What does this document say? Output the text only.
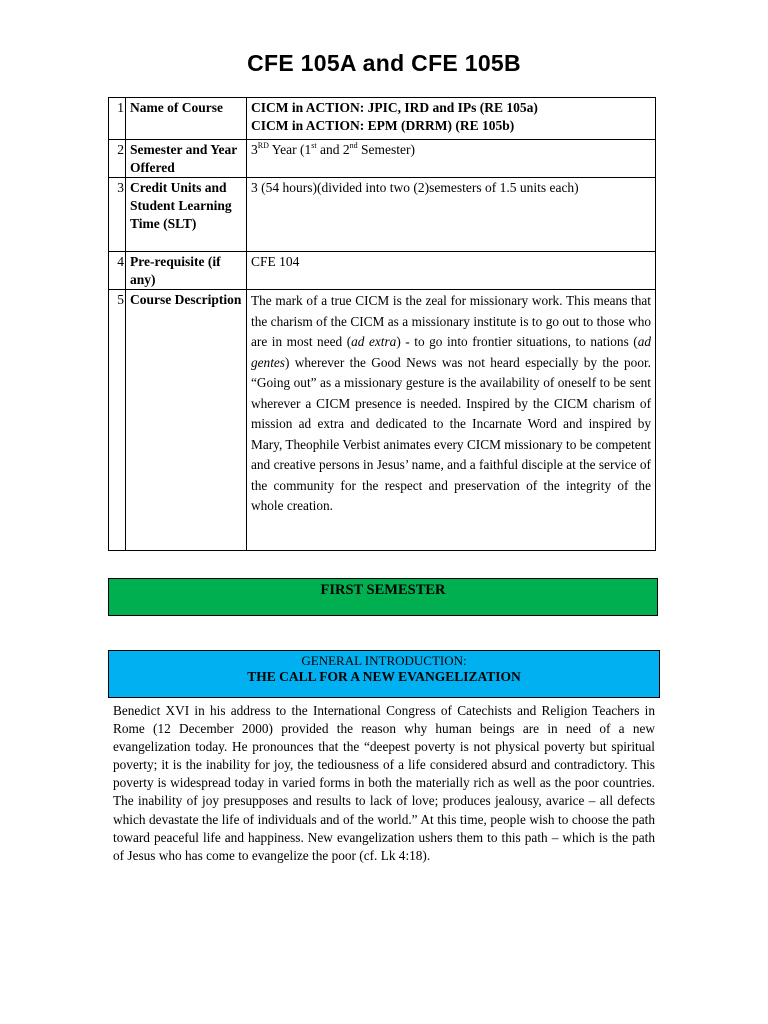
CFE 105A and CFE 105B
1	Name of Course	CICM in ACTION: JPIC, IRD and IPs (RE 105a)
CICM in ACTION: EPM (DRRM) (RE 105b)

2	Semester and Year Offered	3RD Year (1st and 2nd Semester)
3	Credit Units and Student Learning Time (SLT)	3 (54 hours)(divided into two (2)semesters of 1.5 units each)
4	Pre-requisite (if any)	CFE 104
5	Course Description	The mark of a true CICM is the zeal for missionary work. This means that the charism of the CICM as a missionary institute is to go out to those who are in most need (ad extra) - to go into frontier situations, to nations (ad gentes) wherever the Good News was not heard especially by the poor. “Going out” as a missionary gesture is the availability of oneself to be sent wherever a CICM presence is needed. Inspired by the CICM charism of mission ad extra and dedicated to the Incarnate Word and inspired by Mary, Theophile Verbist animates every CICM missionary to be competent and creative persons in Jesus’ name, and a faithful disciple at the service of the community for the respect and preservation of the integrity of the whole creation.
FIRST SEMESTER
GENERAL INTRODUCTION:
THE CALL FOR A NEW EVANGELIZATION
Benedict XVI in his address to the International Congress of Catechists and Religion Teachers in Rome (12 December 2000) provided the reason why human beings are in need of a new evangelization today. He pronounces that the “deepest poverty is not physical poverty but spiritual poverty; it is the inability for joy, the tediousness of a life considered absurd and contradictory. This poverty is widespread today in varied forms in both the materially rich as well as the poor countries. The inability of joy presupposes and results to lack of love; produces jealousy, avarice – all defects which devastate the life of individuals and of the world.” At this time, people wish to choose the path toward peaceful life and happiness. New evangelization ushers them to this path – which is the path of Jesus who has come to evangelize the poor (cf. Lk 4:18).
